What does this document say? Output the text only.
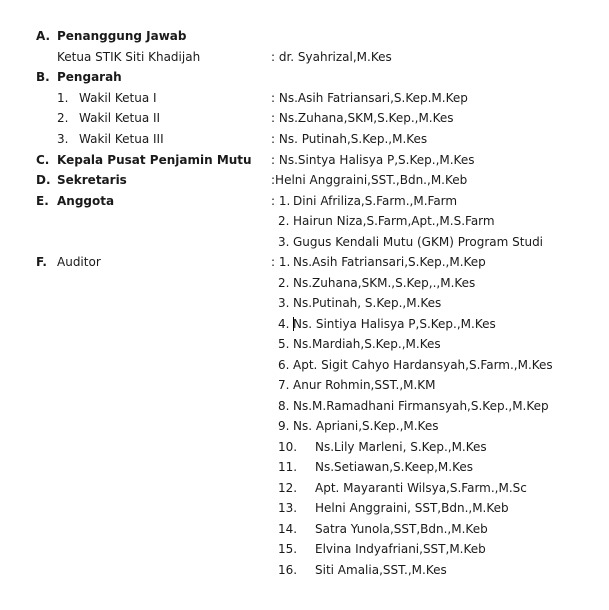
A. Penanggung Jawab
Ketua STIK Siti Khadijah	: dr. Syahrizal,M.Kes
B. Pengarah
1. Wakil Ketua I	: Ns.Asih Fatriansari,S.Kep.M.Kep
2. Wakil Ketua II	: Ns.Zuhana,SKM,S.Kep.,M.Kes
3. Wakil Ketua III	: Ns. Putinah,S.Kep.,M.Kes
C. Kepala Pusat Penjamin Mutu : Ns.Sintya Halisya P,S.Kep.,M.Kes
D. Sekretaris	:Helni Anggraini,SST.,Bdn.,M.Keb
E. Anggota	: 1. Dini Afriliza,S.Farm.,M.Farm
2. Hairun Niza,S.Farm,Apt.,M.S.Farm
3. Gugus Kendali Mutu (GKM) Program Studi
F. Auditor	: 1. Ns.Asih Fatriansari,S.Kep.,M.Kep
2. Ns.Zuhana,SKM.,S.Kep,.,M.Kes
3. Ns.Putinah, S.Kep.,M.Kes
4. Ns. Sintiya Halisya P,S.Kep.,M.Kes
5. Ns.Mardiah,S.Kep.,M.Kes
6. Apt. Sigit Cahyo Hardansyah,S.Farm.,M.Kes
7. Anur Rohmin,SST.,M.KM
8. Ns.M.Ramadhani Firmansyah,S.Kep.,M.Kep
9. Ns. Apriani,S.Kep.,M.Kes
10. Ns.Lily Marleni, S.Kep.,M.Kes
11. Ns.Setiawan,S.Keep,M.Kes
12. Apt. Mayaranti Wilsya,S.Farm.,M.Sc
13. Helni Anggraini, SST,Bdn.,M.Keb
14. Satra Yunola,SST,Bdn.,M.Keb
15. Elvina Indyafriani,SST,M.Keb
16. Siti Amalia,SST.,M.Kes
